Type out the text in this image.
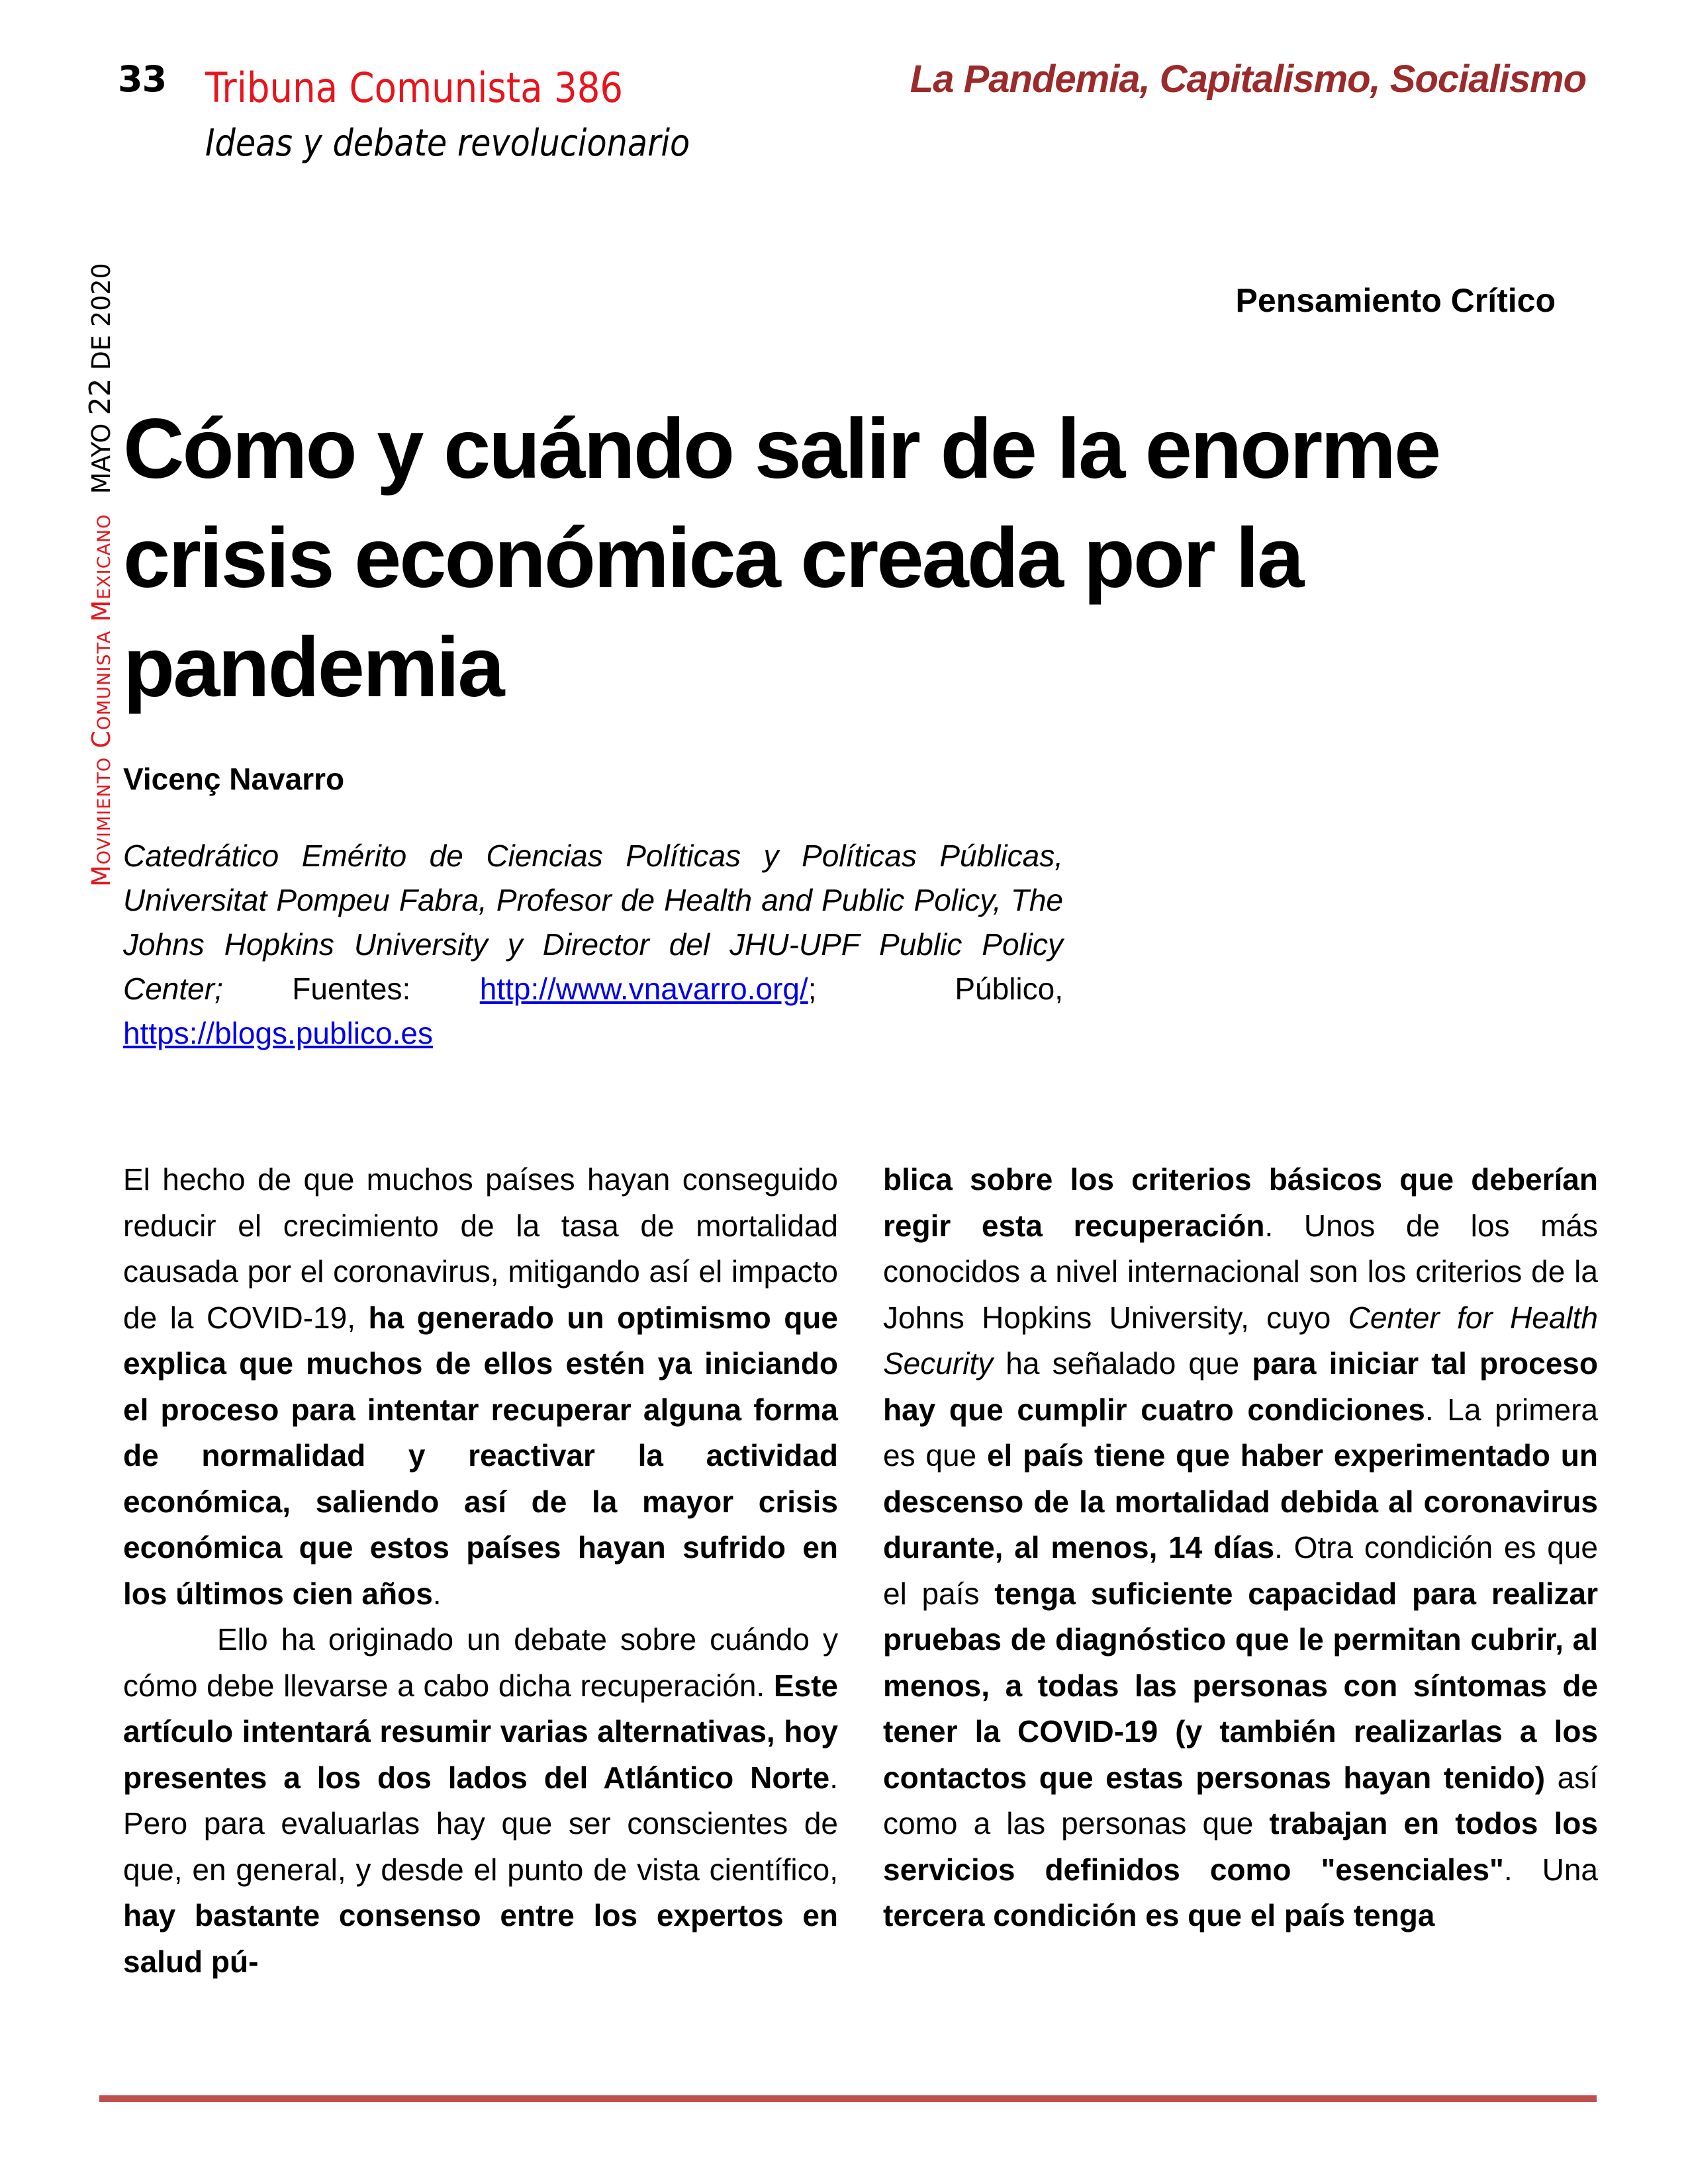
33 Tribuna Comunista 386
Ideas y debate revolucionario
La Pandemia, Capitalismo, Socialismo
Movimiento Comunista Mexicano MAYO 22 DE 2020	Pensamiento Crítico
Cómo y cuándo salir de la enorme crisis económica creada por la pandemia
Vicenç Navarro
Catedrático Emérito de Ciencias Políticas y Políticas Públicas, Universitat Pompeu Fabra, Profesor de Health and Public Policy, The Johns Hopkins University y Director del JHU-UPF Public Policy Center; Fuentes: http://www.vnavarro.org/;	Público, https://blogs.publico.es

El hecho de que muchos países hayan conseguido reducir el crecimiento de la tasa de mortalidad causada por el coronavirus, mitigando así el impacto de la COVID-19, ha generado un optimismo que explica que muchos de ellos estén ya iniciando el proceso para intentar recuperar alguna forma de normalidad y reactivar la actividad económica, saliendo así de la mayor crisis económica que estos países hayan sufrido en los últimos cien años.

Ello ha originado un debate sobre cuándo y cómo debe llevarse a cabo dicha recuperación. Este artículo intentará resumir varias alternativas, hoy presentes a los dos lados del Atlántico Norte. Pero para evaluarlas hay que ser conscientes de que, en general, y desde el punto de vista científico, hay bastante consenso entre los expertos en salud pú-

blica sobre los criterios básicos que deberían regir esta recuperación. Unos de los más conocidos a nivel internacional son los criterios de la Johns Hopkins University, cuyo Center for Health Security ha señalado que para iniciar tal proceso hay que cumplir cuatro condiciones. La primera es que el país tiene que haber experimentado un descenso de la mortalidad debida al coronavirus durante, al menos, 14 días. Otra condición es que el país tenga suficiente capacidad para realizar pruebas de diagnóstico que le permitan cubrir, al menos, a todas las personas con síntomas de tener la COVID-19 (y también realizarlas a los contactos que estas personas hayan tenido) así como a las personas que trabajan en todos los servicios definidos como "esenciales". Una tercera condición es que el país tenga
